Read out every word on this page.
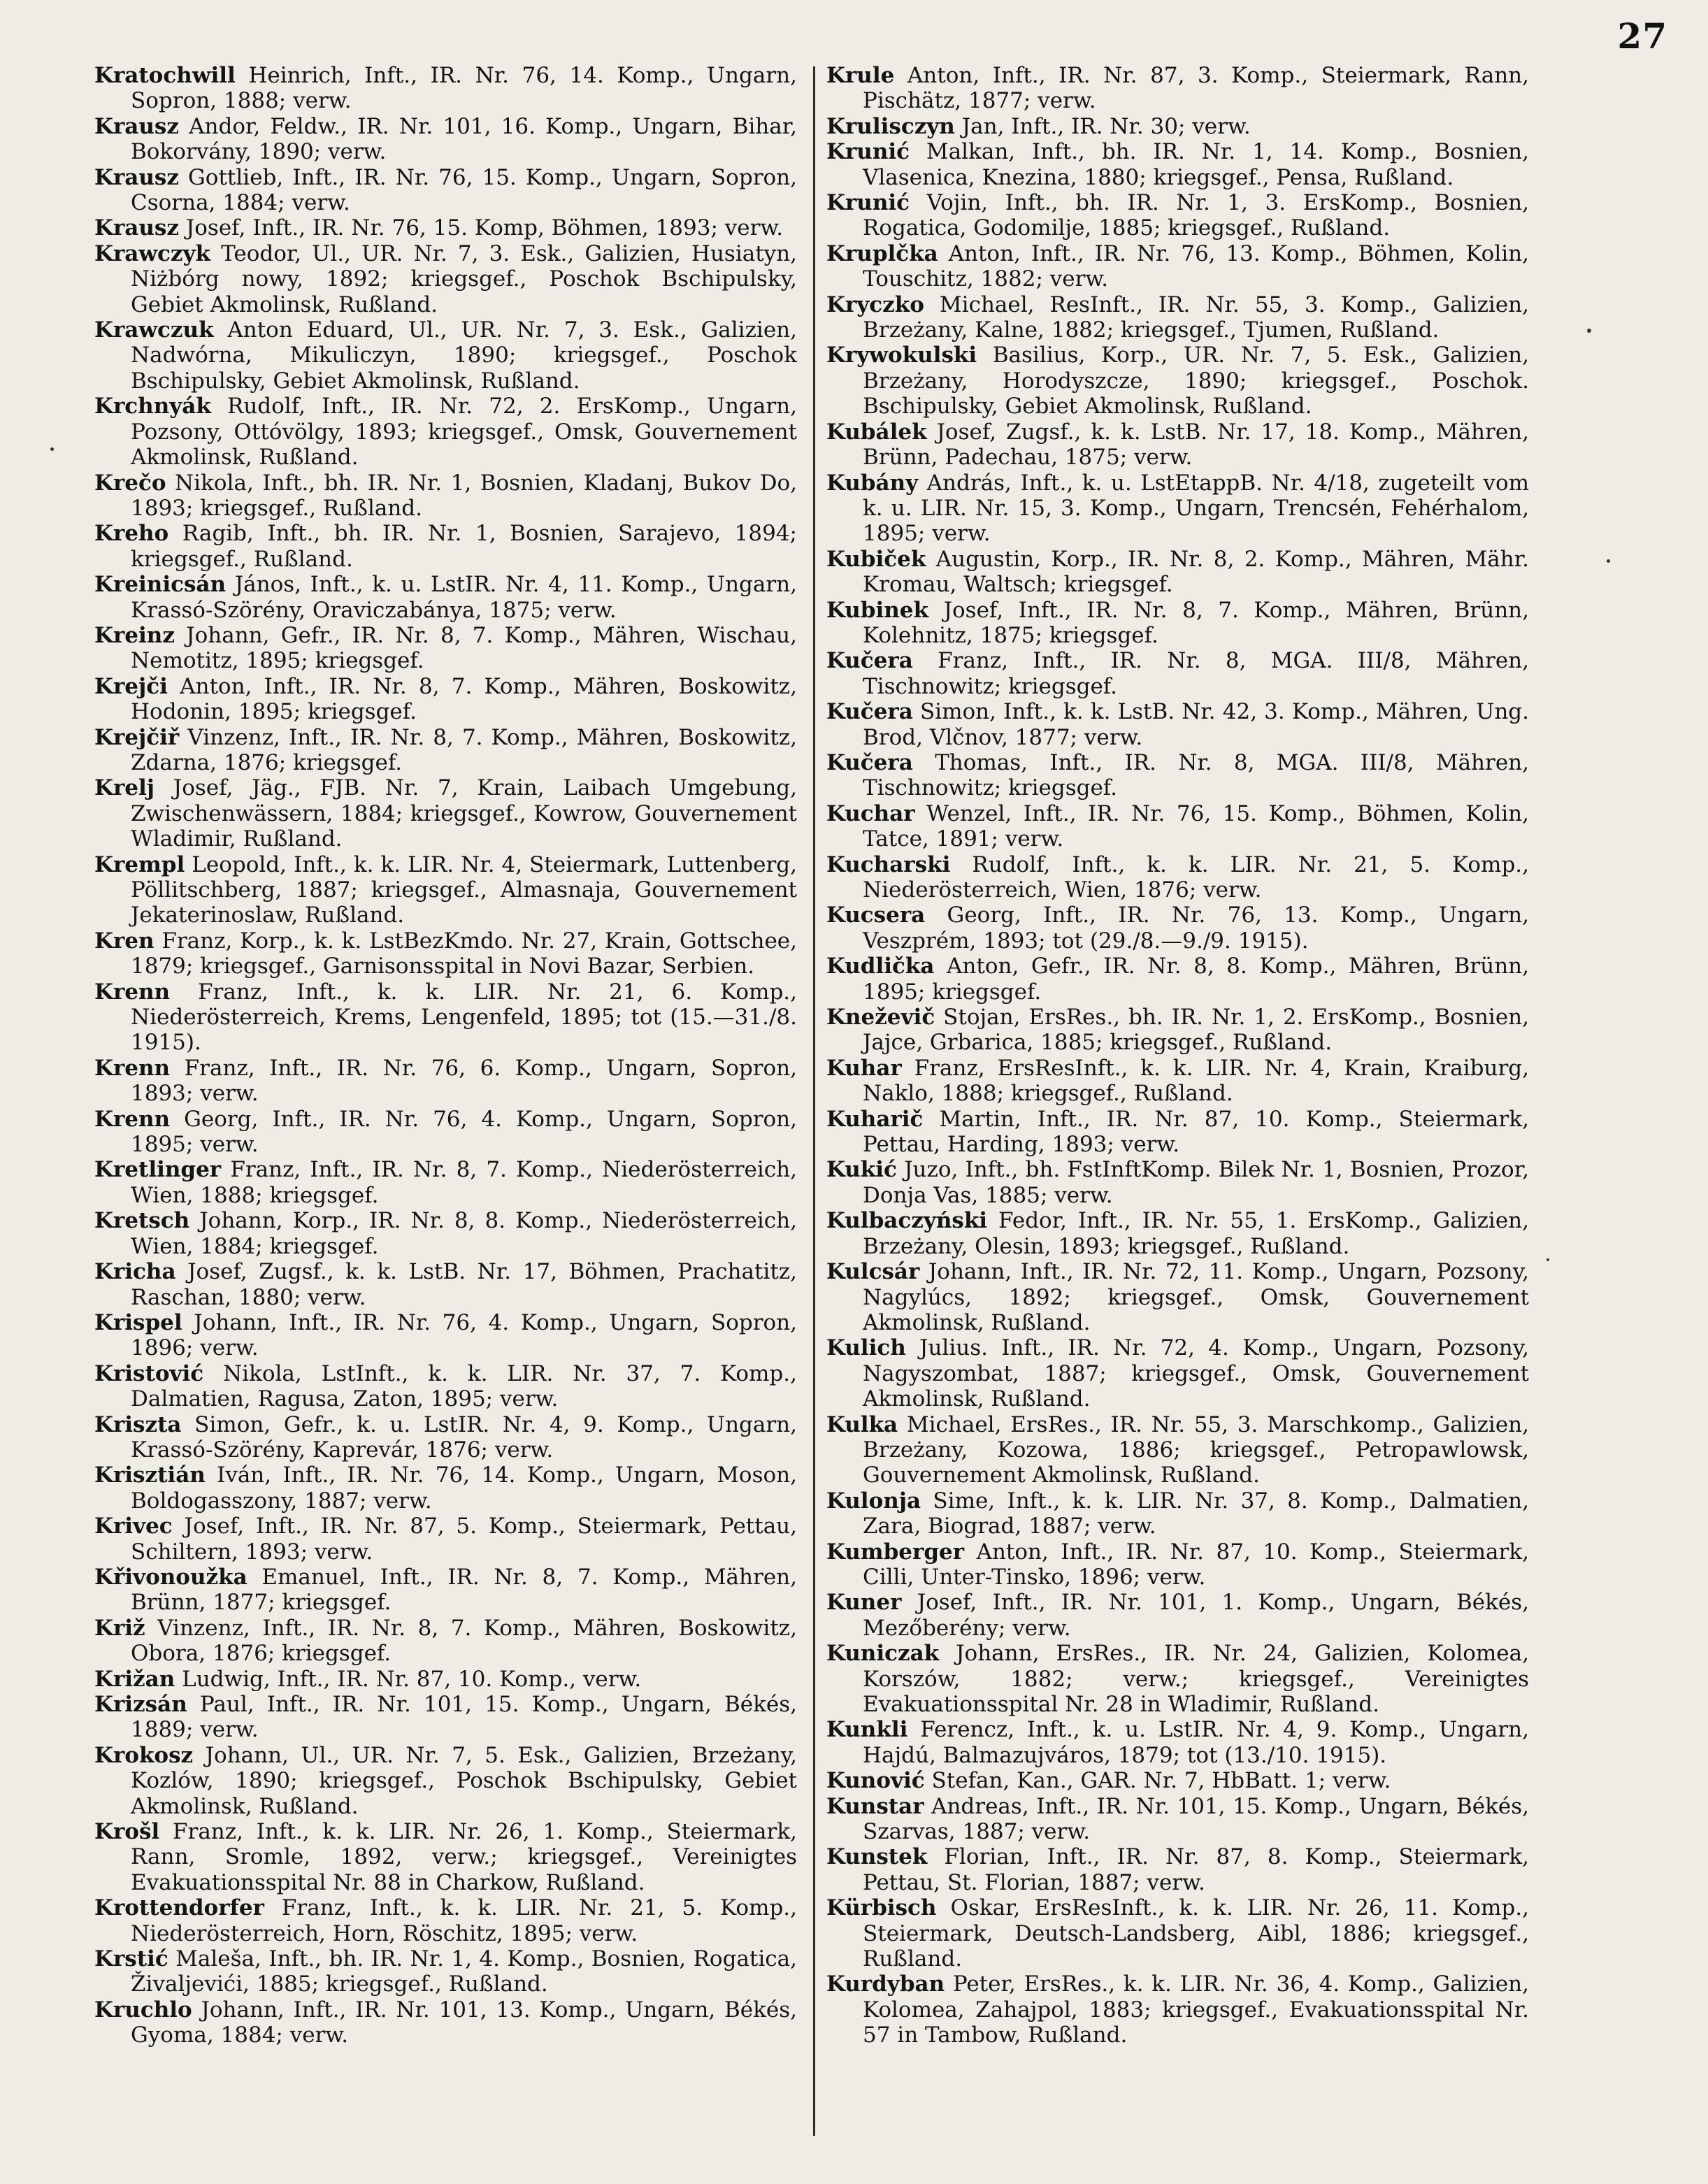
27

Kratochwill Heinrich, Inft., IR. Nr. 76, 14. Komp., Ungarn, Sopron, 1888; verw.

Krausz Andor, Feldw., IR. Nr. 101, 16. Komp., Ungarn, Bihar, Bokorvány, 1890; verw.

Krausz Gottlieb, Inft., IR. Nr. 76, 15. Komp., Ungarn, Sopron, Csorna, 1884; verw.

Krausz Josef, Inft., IR. Nr. 76, 15. Komp, Böhmen, 1893; verw.

Krawczyk Teodor, Ul., UR. Nr. 7, 3. Esk., Galizien, Husiatyn, Niżbórg nowy, 1892; kriegsgef., Poschok Bschipulsky, Gebiet Akmolinsk, Rußland.

Krawczuk Anton Eduard, Ul., UR. Nr. 7, 3. Esk., Galizien, Nadwórna, Mikuliczyn, 1890; kriegsgef., Poschok Bschipulsky, Gebiet Akmolinsk, Rußland.

Krchnyák Rudolf, Inft., IR. Nr. 72, 2. ErsKomp., Ungarn, Pozsony, Ottóvölgy, 1893; kriegsgef., Omsk, Gouvernement Akmolinsk, Rußland.

Krečo Nikola, Inft., bh. IR. Nr. 1, Bosnien, Kladanj, Bukov Do, 1893; kriegsgef., Rußland.

Kreho Ragib, Inft., bh. IR. Nr. 1, Bosnien, Sarajevo, 1894; kriegsgef., Rußland.

Kreinicsán János, Inft., k. u. LstIR. Nr. 4, 11. Komp., Ungarn, Krassó-Szörény, Oraviczabánya, 1875; verw.

Kreinz Johann, Gefr., IR. Nr. 8, 7. Komp., Mähren, Wischau, Nemotitz, 1895; kriegsgef.

Krejči Anton, Inft., IR. Nr. 8, 7. Komp., Mähren, Boskowitz, Hodonin, 1895; kriegsgef.

Krejčiř Vinzenz, Inft., IR. Nr. 8, 7. Komp., Mähren, Boskowitz, Zdarna, 1876; kriegsgef.

Krelj Josef, Jäg., FJB. Nr. 7, Krain, Laibach Umgebung, Zwischenwässern, 1884; kriegsgef., Kowrow, Gouvernement Wladimir, Rußland.

Krempl Leopold, Inft., k. k. LIR. Nr. 4, Steiermark, Luttenberg, Pöllitschberg, 1887; kriegsgef., Almasnaja, Gouvernement Jekaterinoslaw, Rußland.

Kren Franz, Korp., k. k. LstBezKmdo. Nr. 27, Krain, Gottschee, 1879; kriegsgef., Garnisonsspital in Novi Bazar, Serbien.

Krenn Franz, Inft., k. k. LIR. Nr. 21, 6. Komp., Niederösterreich, Krems, Lengenfeld, 1895; tot (15.—31./8. 1915).

Krenn Franz, Inft., IR. Nr. 76, 6. Komp., Ungarn, Sopron, 1893; verw.

Krenn Georg, Inft., IR. Nr. 76, 4. Komp., Ungarn, Sopron, 1895; verw.

Kretlinger Franz, Inft., IR. Nr. 8, 7. Komp., Niederösterreich, Wien, 1888; kriegsgef.

Kretsch Johann, Korp., IR. Nr. 8, 8. Komp., Niederösterreich, Wien, 1884; kriegsgef.

Kricha Josef, Zugsf., k. k. LstB. Nr. 17, Böhmen, Prachatitz, Raschan, 1880; verw.

Krispel Johann, Inft., IR. Nr. 76, 4. Komp., Ungarn, Sopron, 1896; verw.

Kristović Nikola, LstInft., k. k. LIR. Nr. 37, 7. Komp., Dalmatien, Ragusa, Zaton, 1895; verw.

Kriszta Simon, Gefr., k. u. LstIR. Nr. 4, 9. Komp., Ungarn, Krassó-Szörény, Kaprevár, 1876; verw.

Krisztián Iván, Inft., IR. Nr. 76, 14. Komp., Ungarn, Moson, Boldogasszony, 1887; verw.

Krivec Josef, Inft., IR. Nr. 87, 5. Komp., Steiermark, Pettau, Schiltern, 1893; verw.

Křivonoužka Emanuel, Inft., IR. Nr. 8, 7. Komp., Mähren, Brünn, 1877; kriegsgef.

Križ Vinzenz, Inft., IR. Nr. 8, 7. Komp., Mähren, Boskowitz, Obora, 1876; kriegsgef.

Križan Ludwig, Inft., IR. Nr. 87, 10. Komp., verw.

Krizsán Paul, Inft., IR. Nr. 101, 15. Komp., Ungarn, Békés, 1889; verw.

Krokosz Johann, Ul., UR. Nr. 7, 5. Esk., Galizien, Brzeżany, Kozlów, 1890; kriegsgef., Poschok Bschipulsky, Gebiet Akmolinsk, Rußland.

Krošl Franz, Inft., k. k. LIR. Nr. 26, 1. Komp., Steiermark, Rann, Sromle, 1892, verw.; kriegsgef., Vereinigtes Evakuationsspital Nr. 88 in Charkow, Rußland.

Krottendorfer Franz, Inft., k. k. LIR. Nr. 21, 5. Komp., Niederösterreich, Horn, Röschitz, 1895; verw.

Krstić Maleša, Inft., bh. IR. Nr. 1, 4. Komp., Bosnien, Rogatica, Živaljevići, 1885; kriegsgef., Rußland.

Kruchlo Johann, Inft., IR. Nr. 101, 13. Komp., Ungarn, Békés, Gyoma, 1884; verw.

Krule Anton, Inft., IR. Nr. 87, 3. Komp., Steiermark, Rann, Pischätz, 1877; verw.

Krulisczyn Jan, Inft., IR. Nr. 30; verw.

Krunić Malkan, Inft., bh. IR. Nr. 1, 14. Komp., Bosnien, Vlasenica, Knezina, 1880; kriegsgef., Pensa, Rußland.

Krunić Vojin, Inft., bh. IR. Nr. 1, 3. ErsKomp., Bosnien, Rogatica, Godomilje, 1885; kriegsgef., Rußland.

Kruplčka Anton, Inft., IR. Nr. 76, 13. Komp., Böhmen, Kolin, Touschitz, 1882; verw.

Kryczko Michael, ResInft., IR. Nr. 55, 3. Komp., Galizien, Brzeżany, Kalne, 1882; kriegsgef., Tjumen, Rußland.

Krywokulski Basilius, Korp., UR. Nr. 7, 5. Esk., Galizien, Brzeżany, Horodyszcze, 1890; kriegsgef., Poschok. Bschipulsky, Gebiet Akmolinsk, Rußland.

Kubálek Josef, Zugsf., k. k. LstB. Nr. 17, 18. Komp., Mähren, Brünn, Padechau, 1875; verw.

Kubány András, Inft., k. u. LstEtappB. Nr. 4/18, zugeteilt vom k. u. LIR. Nr. 15, 3. Komp., Ungarn, Trencsén, Fehérhalom, 1895; verw.

Kubiček Augustin, Korp., IR. Nr. 8, 2. Komp., Mähren, Mähr. Kromau, Waltsch; kriegsgef.

Kubinek Josef, Inft., IR. Nr. 8, 7. Komp., Mähren, Brünn, Kolehnitz, 1875; kriegsgef.

Kučera Franz, Inft., IR. Nr. 8, MGA. III/8, Mähren, Tischnowitz; kriegsgef.

Kučera Simon, Inft., k. k. LstB. Nr. 42, 3. Komp., Mähren, Ung. Brod, Vlčnov, 1877; verw.

Kučera Thomas, Inft., IR. Nr. 8, MGA. III/8, Mähren, Tischnowitz; kriegsgef.

Kuchar Wenzel, Inft., IR. Nr. 76, 15. Komp., Böhmen, Kolin, Tatce, 1891; verw.

Kucharski Rudolf, Inft., k. k. LIR. Nr. 21, 5. Komp., Niederösterreich, Wien, 1876; verw.

Kucsera Georg, Inft., IR. Nr. 76, 13. Komp., Ungarn, Veszprém, 1893; tot (29./8.—9./9. 1915).

Kudlička Anton, Gefr., IR. Nr. 8, 8. Komp., Mähren, Brünn, 1895; kriegsgef.

Kneževič Stojan, ErsRes., bh. IR. Nr. 1, 2. ErsKomp., Bosnien, Jajce, Grbarica, 1885; kriegsgef., Rußland.

Kuhar Franz, ErsResInft., k. k. LIR. Nr. 4, Krain, Kraiburg, Naklo, 1888; kriegsgef., Rußland.

Kuharič Martin, Inft., IR. Nr. 87, 10. Komp., Steiermark, Pettau, Harding, 1893; verw.

Kukić Juzo, Inft., bh. FstInftKomp. Bilek Nr. 1, Bosnien, Prozor, Donja Vas, 1885; verw.

Kulbaczyński Fedor, Inft., IR. Nr. 55, 1. ErsKomp., Galizien, Brzeżany, Olesin, 1893; kriegsgef., Rußland.

Kulcsár Johann, Inft., IR. Nr. 72, 11. Komp., Ungarn, Pozsony, Nagylúcs, 1892; kriegsgef., Omsk, Gouvernement Akmolinsk, Rußland.

Kulich Julius. Inft., IR. Nr. 72, 4. Komp., Ungarn, Pozsony, Nagyszombat, 1887; kriegsgef., Omsk, Gouvernement Akmolinsk, Rußland.

Kulka Michael, ErsRes., IR. Nr. 55, 3. Marschkomp., Galizien, Brzeżany, Kozowa, 1886; kriegsgef., Petropawlowsk, Gouvernement Akmolinsk, Rußland.

Kulonja Sime, Inft., k. k. LIR. Nr. 37, 8. Komp., Dalmatien, Zara, Biograd, 1887; verw.

Kumberger Anton, Inft., IR. Nr. 87, 10. Komp., Steiermark, Cilli, Unter-Tinsko, 1896; verw.

Kuner Josef, Inft., IR. Nr. 101, 1. Komp., Ungarn, Békés, Mezőberény; verw.

Kuniczak Johann, ErsRes., IR. Nr. 24, Galizien, Kolomea, Korszów, 1882; verw.; kriegsgef., Vereinigtes Evakuationsspital Nr. 28 in Wladimir, Rußland.

Kunkli Ferencz, Inft., k. u. LstIR. Nr. 4, 9. Komp., Ungarn, Hajdú, Balmazujváros, 1879; tot (13./10. 1915).

Kunović Stefan, Kan., GAR. Nr. 7, HbBatt. 1; verw.

Kunstar Andreas, Inft., IR. Nr. 101, 15. Komp., Ungarn, Békés, Szarvas, 1887; verw.

Kunstek Florian, Inft., IR. Nr. 87, 8. Komp., Steiermark, Pettau, St. Florian, 1887; verw.

Kürbisch Oskar, ErsResInft., k. k. LIR. Nr. 26, 11. Komp., Steiermark, Deutsch-Landsberg, Aibl, 1886; kriegsgef., Rußland.

Kurdyban Peter, ErsRes., k. k. LIR. Nr. 36, 4. Komp., Galizien, Kolomea, Zahajpol, 1883; kriegsgef., Evakuationsspital Nr. 57 in Tambow, Rußland.
